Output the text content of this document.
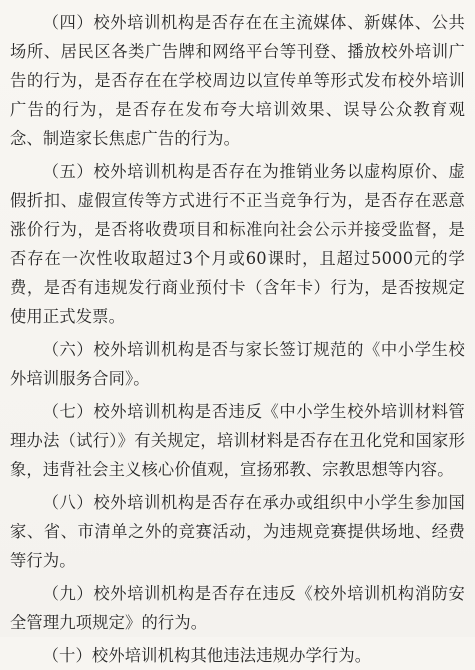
（四）校外培训机构是否存在在主流媒体、新媒体、公共场所、居民区各类广告牌和网络平台等刊登、播放校外培训广告的行为，是否存在在学校周边以宣传单等形式发布校外培训广告的行为，是否存在发布夸大培训效果、误导公众教育观念、制造家长焦虑广告的行为。

（五）校外培训机构是否存在为推销业务以虚构原价、虚假折扣、虚假宣传等方式进行不正当竞争行为，是否存在恶意涨价行为，是否将收费项目和标准向社会公示并接受监督，是否存在一次性收取超过3个月或60课时，且超过5000元的学费，是否有违规发行商业预付卡（含年卡）行为，是否按规定使用正式发票。

（六）校外培训机构是否与家长签订规范的《中小学生校外培训服务合同》。

（七）校外培训机构是否违反《中小学生校外培训材料管理办法（试行）》有关规定，培训材料是否存在丑化党和国家形象，违背社会主义核心价值观，宣扬邪教、宗教思想等内容。

（八）校外培训机构是否存在承办或组织中小学生参加国家、省、市清单之外的竞赛活动，为违规竞赛提供场地、经费等行为。

（九）校外培训机构是否存在违反《校外培训机构消防安全管理九项规定》的行为。

（十）校外培训机构其他违法违规办学行为。
